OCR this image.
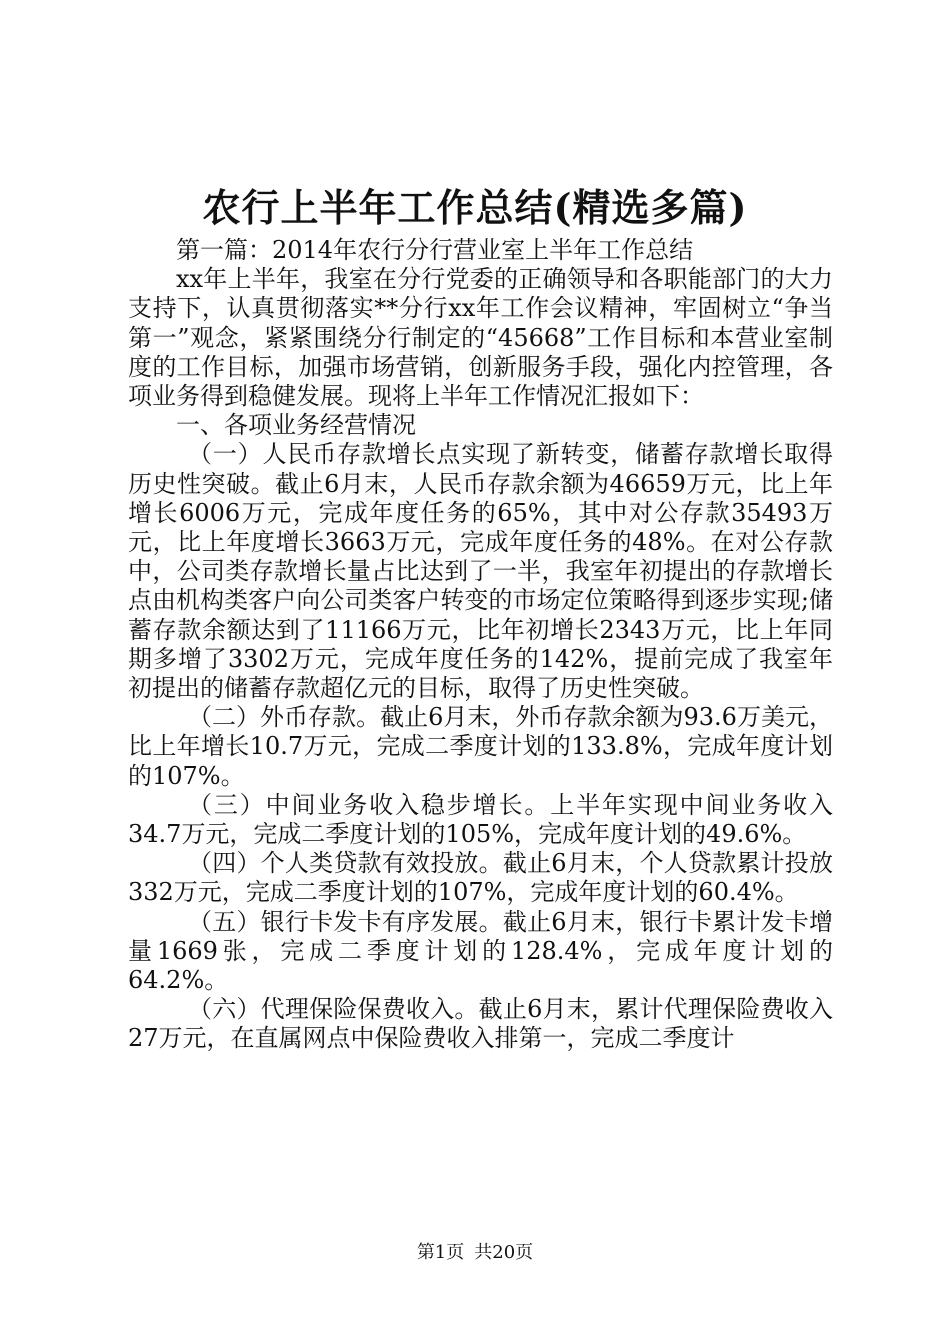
农行上半年工作总结(精选多篇)

第一篇：2014年农行分行营业室上半年工作总结

xx年上半年，我室在分行党委的正确领导和各职能部门的大力支持下，认真贯彻落实**分行xx年工作会议精神，牢固树立“争当第一”观念，紧紧围绕分行制定的“45668”工作目标和本营业室制度的工作目标，加强市场营销，创新服务手段，强化内控管理，各项业务得到稳健发展。现将上半年工作情况汇报如下：

一、各项业务经营情况

（一）人民币存款增长点实现了新转变，储蓄存款增长取得历史性突破。截止6月末，人民币存款余额为46659万元，比上年增长6006万元，完成年度任务的65%，其中对公存款35493万元，比上年度增长3663万元，完成年度任务的48%。在对公存款中，公司类存款增长量占比达到了一半，我室年初提出的存款增长点由机构类客户向公司类客户转变的市场定位策略得到逐步实现;储蓄存款余额达到了11166万元，比年初增长2343万元，比上年同期多增了3302万元，完成年度任务的142%，提前完成了我室年初提出的储蓄存款超亿元的目标，取得了历史性突破。

（二）外币存款。截止6月末，外币存款余额为93.6万美元，比上年增长10.7万元，完成二季度计划的133.8%，完成年度计划的107%。

（三）中间业务收入稳步增长。上半年实现中间业务收入34.7万元，完成二季度计划的105%，完成年度计划的49.6%。

（四）个人类贷款有效投放。截止6月末，个人贷款累计投放332万元，完成二季度计划的107%，完成年度计划的60.4%。

（五）银行卡发卡有序发展。截止6月末，银行卡累计发卡增量1669张，完成二季度计划的128.4%，完成年度计划的64.2%。

（六）代理保险保费收入。截止6月末，累计代理保险费收入27万元，在直属网点中保险费收入排第一，完成二季度计

第1页 共20页
